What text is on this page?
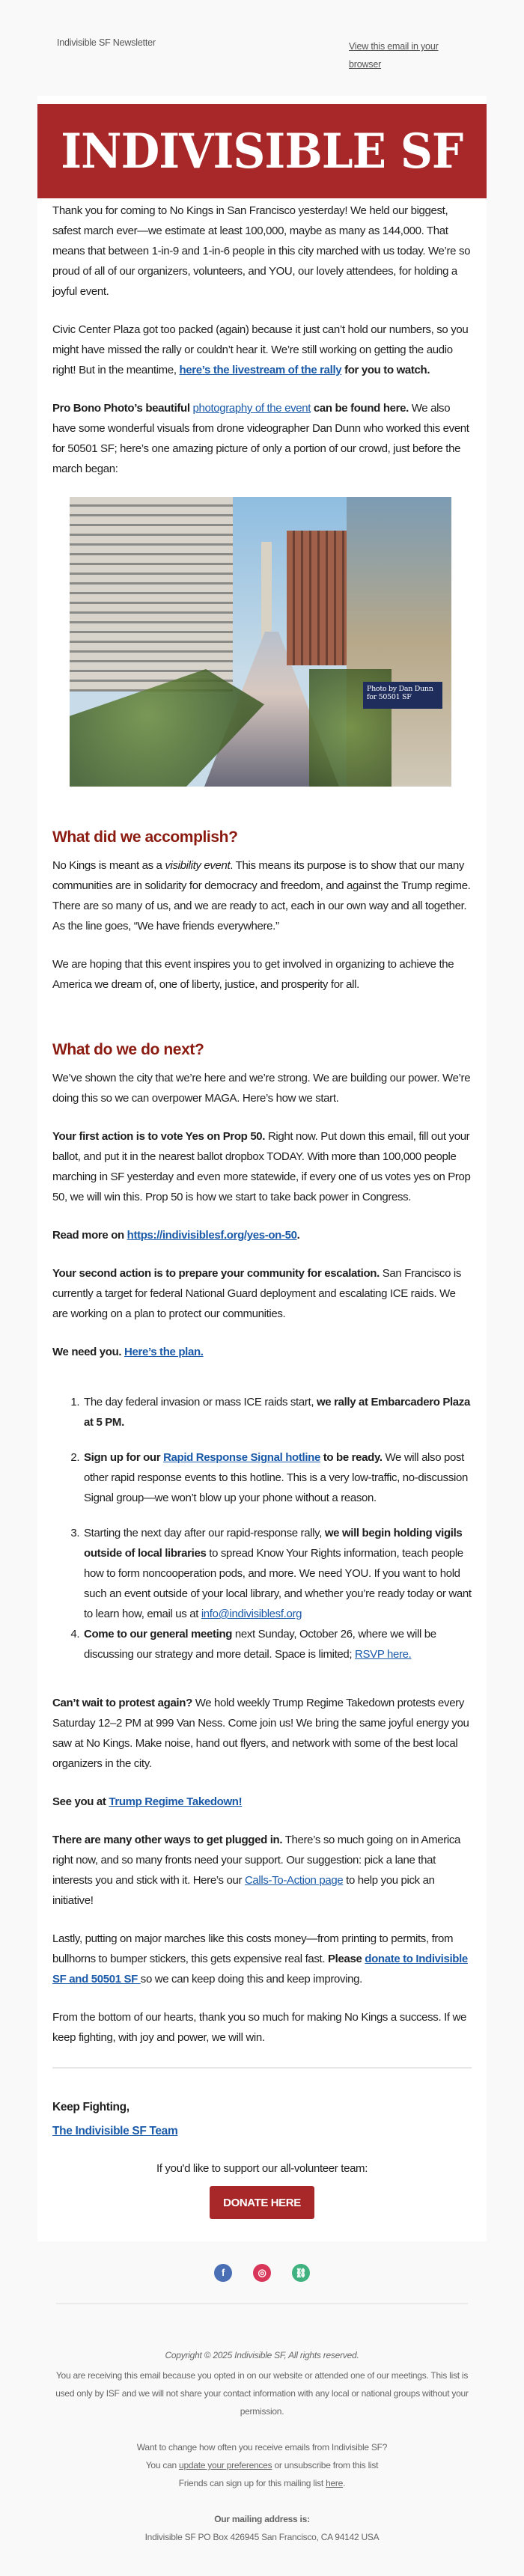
Indivisible SF Newsletter	View this email in your browser
INDIVISIBLE SF

Thank you for coming to No Kings in San Francisco yesterday! We held our biggest, safest march ever—we estimate at least 100,000, maybe as many as 144,000. That means that between 1-in-9 and 1-in-6 people in this city marched with us today. We’re so proud of all of our organizers, volunteers, and YOU, our lovely attendees, for holding a joyful event.

Civic Center Plaza got too packed (again) because it just can’t hold our numbers, so you might have missed the rally or couldn’t hear it. We’re still working on getting the audio right! But in the meantime, here’s the livestream of the rally for you to watch.

Pro Bono Photo’s beautiful photography of the event can be found here. We also have some wonderful visuals from drone videographer Dan Dunn who worked this event for 50501 SF; here’s one amazing picture of only a portion of our crowd, just before the march began:

Photo by Dan Dunn for 50501 SF
What did we accomplish?

No Kings is meant as a visibility event. This means its purpose is to show that our many communities are in solidarity for democracy and freedom, and against the Trump regime. There are so many of us, and we are ready to act, each in our own way and all together. As the line goes, “We have friends everywhere.”

We are hoping that this event inspires you to get involved in organizing to achieve the America we dream of, one of liberty, justice, and prosperity for all.

What do we do next?

We’ve shown the city that we’re here and we’re strong. We are building our power. We’re doing this so we can overpower MAGA. Here’s how we start.

Your first action is to vote Yes on Prop 50. Right now. Put down this email, fill out your ballot, and put it in the nearest ballot dropbox TODAY. With more than 100,000 people marching in SF yesterday and even more statewide, if every one of us votes yes on Prop 50, we will win this. Prop 50 is how we start to take back power in Congress.

Read more on https://indivisiblesf.org/yes-on-50.

Your second action is to prepare your community for escalation. San Francisco is currently a target for federal National Guard deployment and escalating ICE raids. We are working on a plan to protect our communities.

We need you. Here’s the plan.

1. The day federal invasion or mass ICE raids start, we rally at Embarcadero Plaza at 5 PM.
2. Sign up for our Rapid Response Signal hotline to be ready. We will also post other rapid response events to this hotline. This is a very low-traffic, no-discussion Signal group—we won’t blow up your phone without a reason.
3. Starting the next day after our rapid-response rally, we will begin holding vigils outside of local libraries to spread Know Your Rights information, teach people how to form noncooperation pods, and more. We need YOU. If you want to hold such an event outside of your local library, and whether you’re ready today or want to learn how, email us at info@indivisiblesf.org
4. Come to our general meeting next Sunday, October 26, where we will be discussing our strategy and more detail. Space is limited; RSVP here.

Can’t wait to protest again? We hold weekly Trump Regime Takedown protests every Saturday 12–2 PM at 999 Van Ness. Come join us! We bring the same joyful energy you saw at No Kings. Make noise, hand out flyers, and network with some of the best local organizers in the city.

See you at Trump Regime Takedown!

There are many other ways to get plugged in. There’s so much going on in America right now, and so many fronts need your support. Our suggestion: pick a lane that interests you and stick with it. Here’s our Calls-To-Action page to help you pick an initiative!

Lastly, putting on major marches like this costs money—from printing to permits, from bullhorns to bumper stickers, this gets expensive real fast. Please donate to Indivisible SF and 50501 SF so we can keep doing this and keep improving.

From the bottom of our hearts, thank you so much for making No Kings a success. If we keep fighting, with joy and power, we will win.

Keep Fighting,
The Indivisible SF Team
If you'd like to support our all-volunteer team:
DONATE HERE
f	◎	⛓
Copyright © 2025 Indivisible SF, All rights reserved.
You are receiving this email because you opted in on our website or attended one of our meetings. This list is used only by ISF and we will not share your contact information with any local or national groups without your permission.
Want to change how often you receive emails from Indivisible SF?
You can update your preferences or unsubscribe from this list
Friends can sign up for this mailing list here.
Our mailing address is:
Indivisible SF PO Box 426945 San Francisco, CA 94142 USA
